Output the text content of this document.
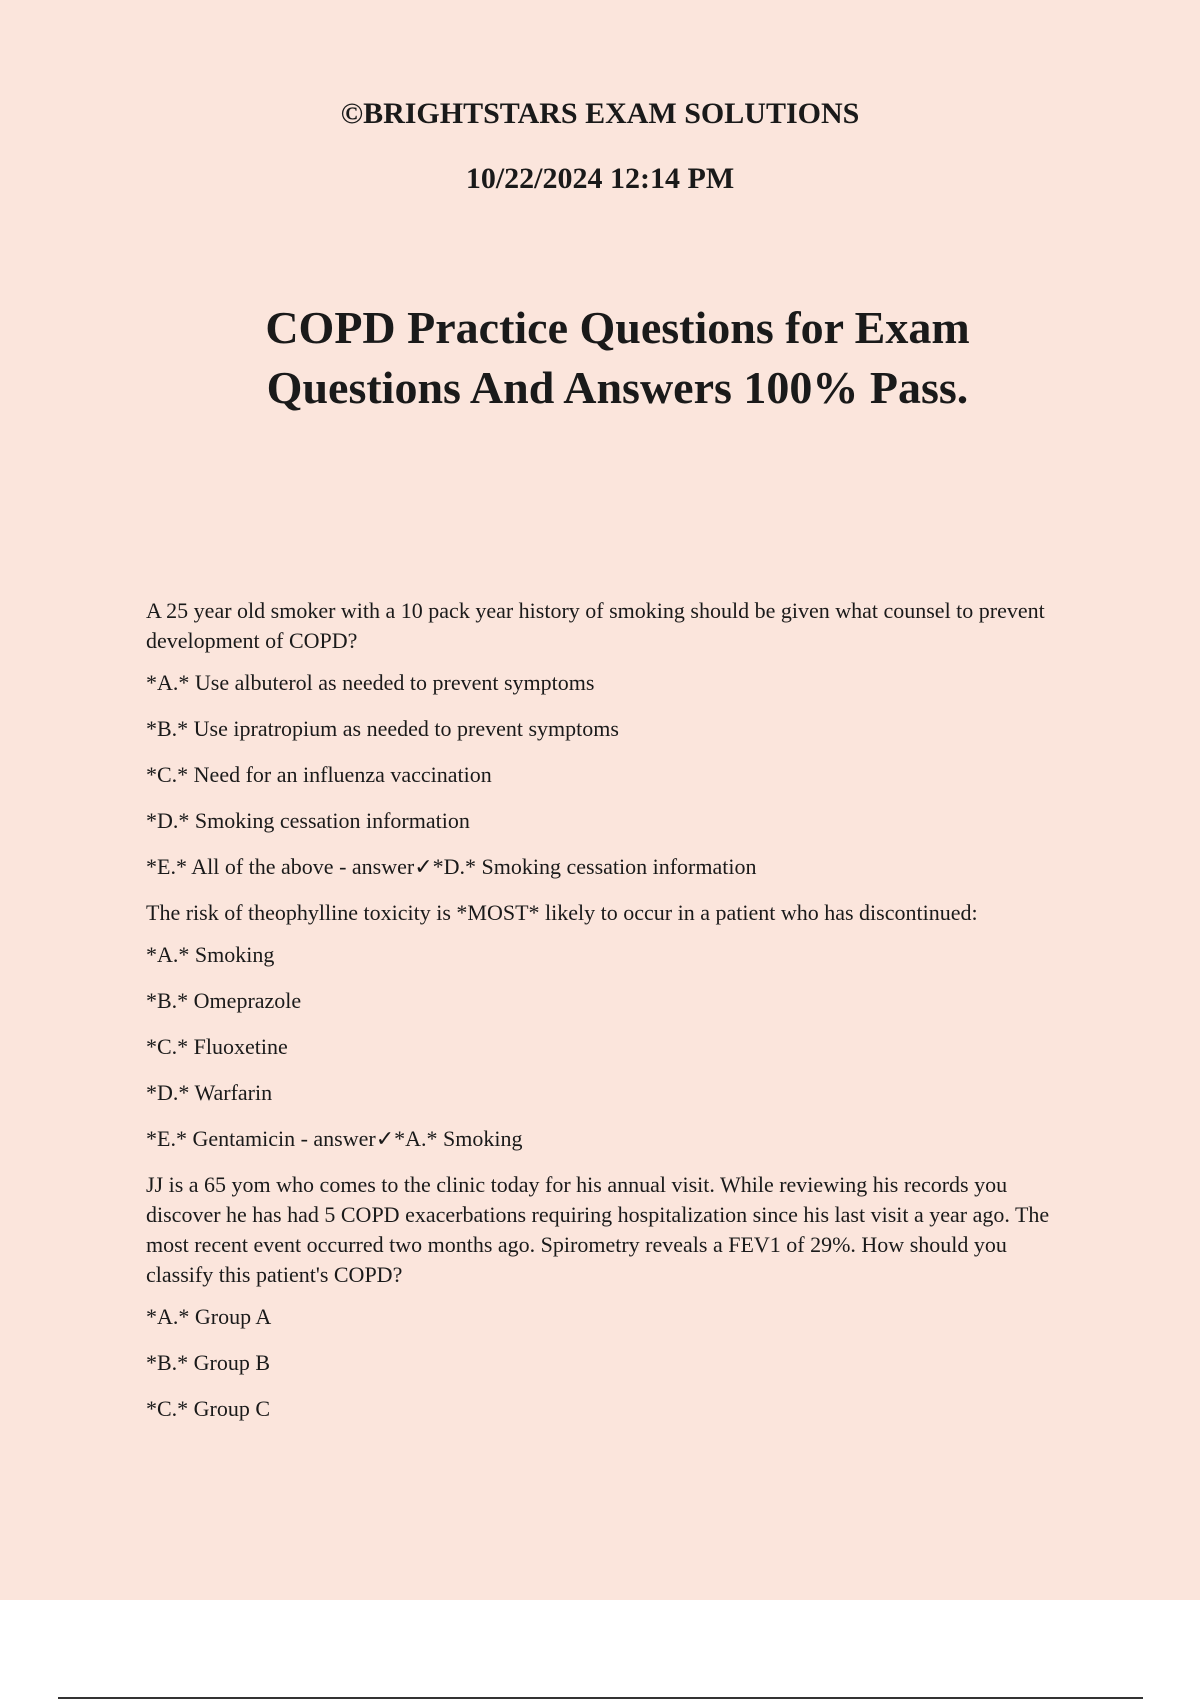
©BRIGHTSTARS EXAM SOLUTIONS
10/22/2024 12:14 PM
COPD Practice Questions for Exam
Questions And Answers 100% Pass.

A 25 year old smoker with a 10 pack year history of smoking should be given what counsel to prevent development of COPD?

*A.* Use albuterol as needed to prevent symptoms

*B.* Use ipratropium as needed to prevent symptoms

*C.* Need for an influenza vaccination

*D.* Smoking cessation information

*E.* All of the above - answer✓*D.* Smoking cessation information

The risk of theophylline toxicity is *MOST* likely to occur in a patient who has discontinued:

*A.* Smoking

*B.* Omeprazole

*C.* Fluoxetine

*D.* Warfarin

*E.* Gentamicin - answer✓*A.* Smoking

JJ is a 65 yom who comes to the clinic today for his annual visit. While reviewing his records you discover he has had 5 COPD exacerbations requiring hospitalization since his last visit a year ago. The most recent event occurred two months ago. Spirometry reveals a FEV1 of 29%. How should you classify this patient's COPD?

*A.* Group A

*B.* Group B

*C.* Group C
